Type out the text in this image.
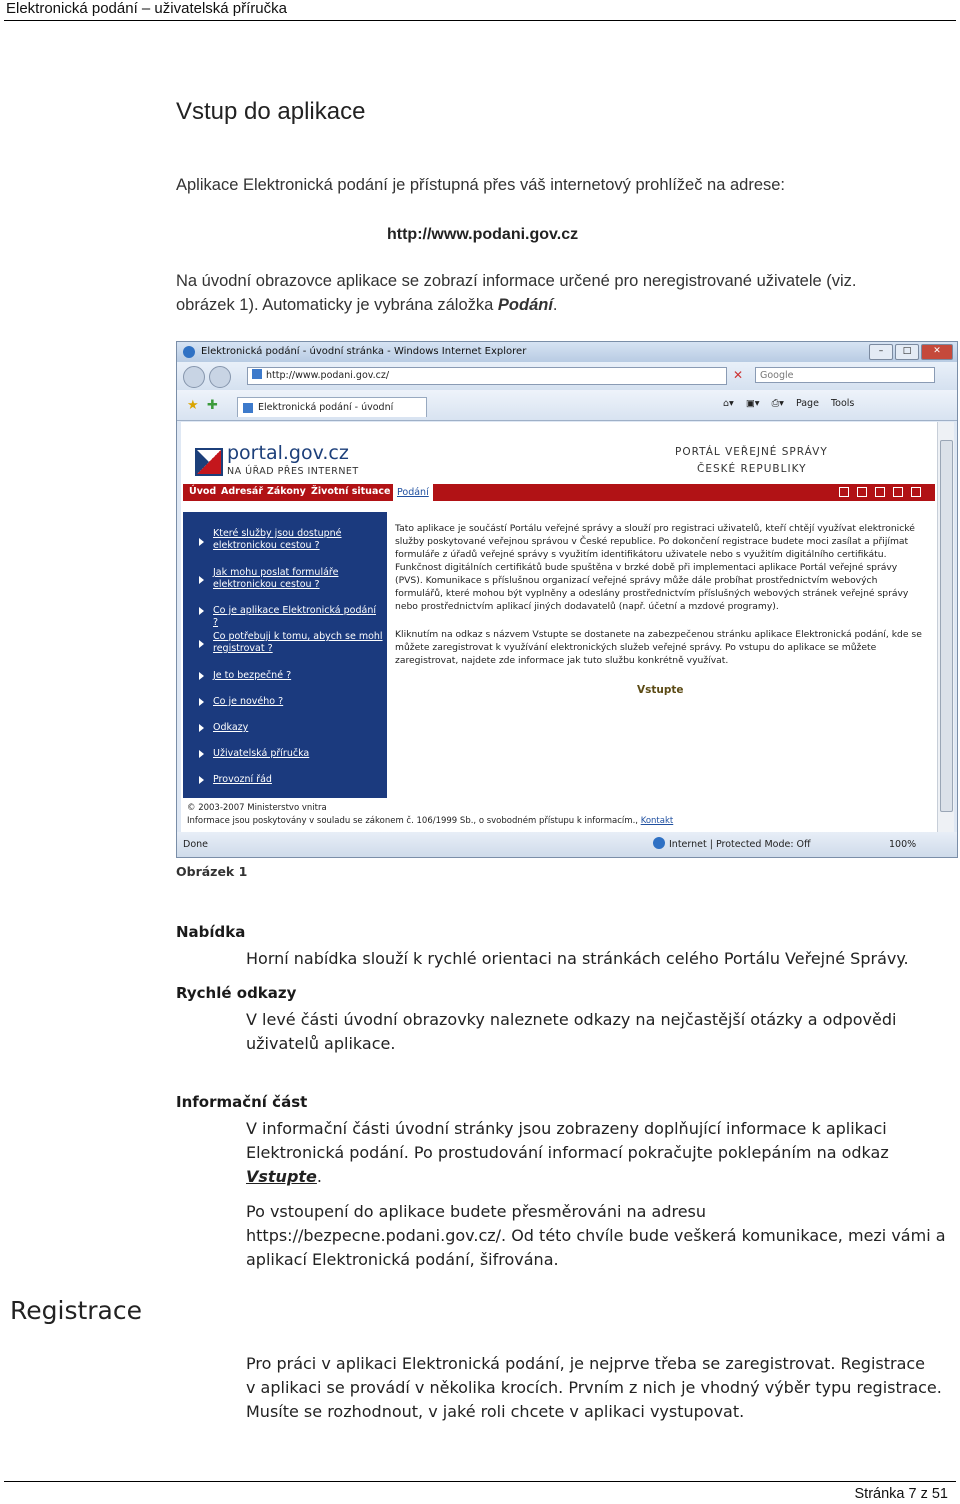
Elektronická podání – uživatelská příručka
Vstup do aplikace
Aplikace Elektronická podání je přístupná přes váš internetový prohlížeč na adrese:
http://www.podani.gov.cz
Na úvodní obrazovce aplikace se zobrazí informace určené pro neregistrované uživatele (viz.
obrázek 1). Automaticky je vybrána záložka Podání.
Elektronická podání - úvodní stránka - Windows Internet Explorer	–	□	✕
http://www.podani.gov.cz/	✕	Google
★ ✚	Elektronická podání - úvodní	⌂▾ ▣▾ ⎙▾ Page Tools
portal.gov.cz
NA ÚŘAD PŘES INTERNET
PORTÁL VEŘEJNÉ SPRÁVY
ČESKÉ REPUBLIKY
Úvod Adresář Zákony Životní situace Podání
Které služby jsou dostupné elektronickou cestou ?
Jak mohu poslat formuláře elektronickou cestou ?
Co je aplikace Elektronická podání ?
Co potřebuji k tomu, abych se mohl registrovat ?
Je to bezpečné ?
Co je nového ?
Odkazy
Uživatelská příručka
Provozní řád
Tato aplikace je součástí Portálu veřejné správy a slouží pro registraci uživatelů, kteří chtějí využívat elektronické služby poskytované veřejnou správou v České republice. Po dokončení registrace budete moci zasílat a přijímat formuláře z úřadů veřejné správy s využitím identifikátoru uživatele nebo s využitím digitálního certifikátu. Funkčnost digitálních certifikátů bude spuštěna v brzké době při implementaci aplikace Portál veřejné správy (PVS). Komunikace s příslušnou organizací veřejné správy může dále probíhat prostřednictvím webových formulářů, které mohou být vyplněny a odeslány prostřednictvím příslušných webových stránek veřejné správy nebo prostřednictvím aplikací jiných dodavatelů (např. účetní a mzdové programy).
Kliknutím na odkaz s názvem Vstupte se dostanete na zabezpečenou stránku aplikace Elektronická podání, kde se můžete zaregistrovat k využívání elektronických služeb veřejné správy. Po vstupu do aplikace se můžete zaregistrovat, najdete zde informace jak tuto službu konkrétně využívat.
Vstupte
© 2003-2007 Ministerstvo vnitra
Informace jsou poskytovány v souladu se zákonem č. 106/1999 Sb., o svobodném přístupu k informacím., Kontakt
Done	Internet | Protected Mode: Off	100%
Obrázek 1
Nabídka
Horní nabídka slouží k rychlé orientaci na stránkách celého Portálu Veřejné Správy.
Rychlé odkazy
V levé části úvodní obrazovky naleznete odkazy na nejčastější otázky a odpovědi
uživatelů aplikace.
Informační část
V informační části úvodní stránky jsou zobrazeny doplňující informace k aplikaci
Elektronická podání. Po prostudování informací pokračujte poklepáním na odkaz
Vstupte.
Po vstoupení do aplikace budete přesměrováni na adresu
https://bezpecne.podani.gov.cz/. Od této chvíle bude veškerá komunikace, mezi vámi a
aplikací Elektronická podání, šifrována.
Registrace
Pro práci v aplikaci Elektronická podání, je nejprve třeba se zaregistrovat. Registrace
v aplikaci se provádí v několika krocích. Prvním z nich je vhodný výběr typu registrace.
Musíte se rozhodnout, v jaké roli chcete v aplikaci vystupovat.
Stránka 7 z 51
